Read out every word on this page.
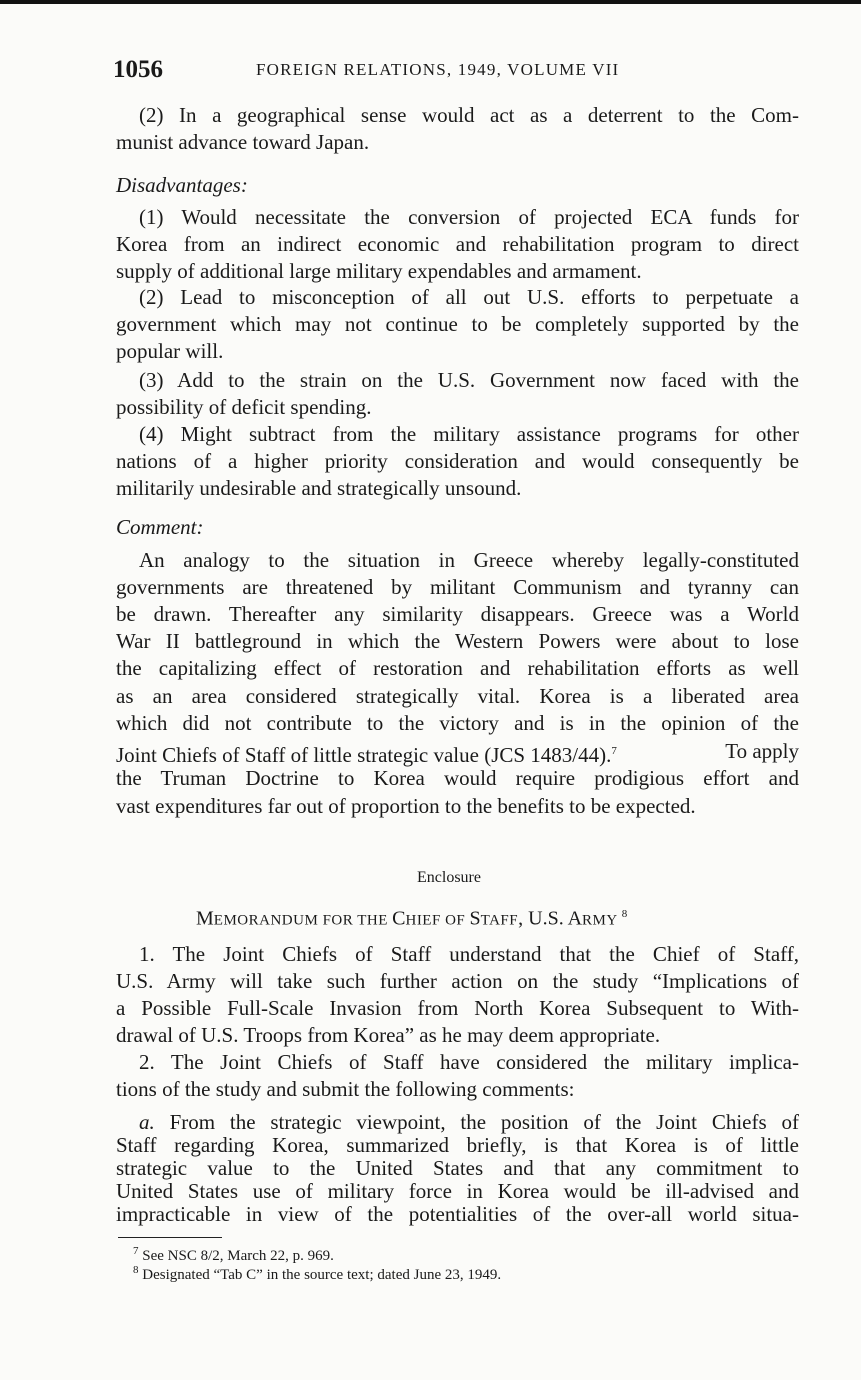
1056	FOREIGN RELATIONS, 1949, VOLUME VII
(2) In a geographical sense would act as a deterrent to the Com-
munist advance toward Japan.
Disadvantages:
(1) Would necessitate the conversion of projected ECA funds for
Korea from an indirect economic and rehabilitation program to direct
supply of additional large military expendables and armament.
(2) Lead to misconception of all out U.S. efforts to perpetuate a
government which may not continue to be completely supported by the
popular will.
(3) Add to the strain on the U.S. Government now faced with the
possibility of deficit spending.
(4) Might subtract from the military assistance programs for other
nations of a higher priority consideration and would consequently be
militarily undesirable and strategically unsound.
Comment:
An analogy to the situation in Greece whereby legally-constituted
governments are threatened by militant Communism and tyranny can
be drawn. Thereafter any similarity disappears. Greece was a World
War II battleground in which the Western Powers were about to lose
the capitalizing effect of restoration and rehabilitation efforts as well
as an area considered strategically vital. Korea is a liberated area
which did not contribute to the victory and is in the opinion of the
Joint Chiefs of Staff of little strategic value (JCS 1483/44).$^7$	To apply
the Truman Doctrine to Korea would require prodigious effort and
vast expenditures far out of proportion to the benefits to be expected.
Enclosure
MEMORANDUM FOR THE CHIEF OF STAFF, U.S. ARMY $^8$
1. The Joint Chiefs of Staff understand that the Chief of Staff,
U.S. Army will take such further action on the study “Implications of
a Possible Full-Scale Invasion from North Korea Subsequent to With-
drawal of U.S. Troops from Korea” as he may deem appropriate.
2. The Joint Chiefs of Staff have considered the military implica-
tions of the study and submit the following comments:
a. From the strategic viewpoint, the position of the Joint Chiefs of
Staff regarding Korea, summarized briefly, is that Korea is of little
strategic value to the United States and that any commitment to
United States use of military force in Korea would be ill-advised and
impracticable in view of the potentialities of the over-all world situa-
$^7$ See NSC 8/2, March 22, p. 969.
$^8$ Designated “Tab C” in the source text; dated June 23, 1949.
